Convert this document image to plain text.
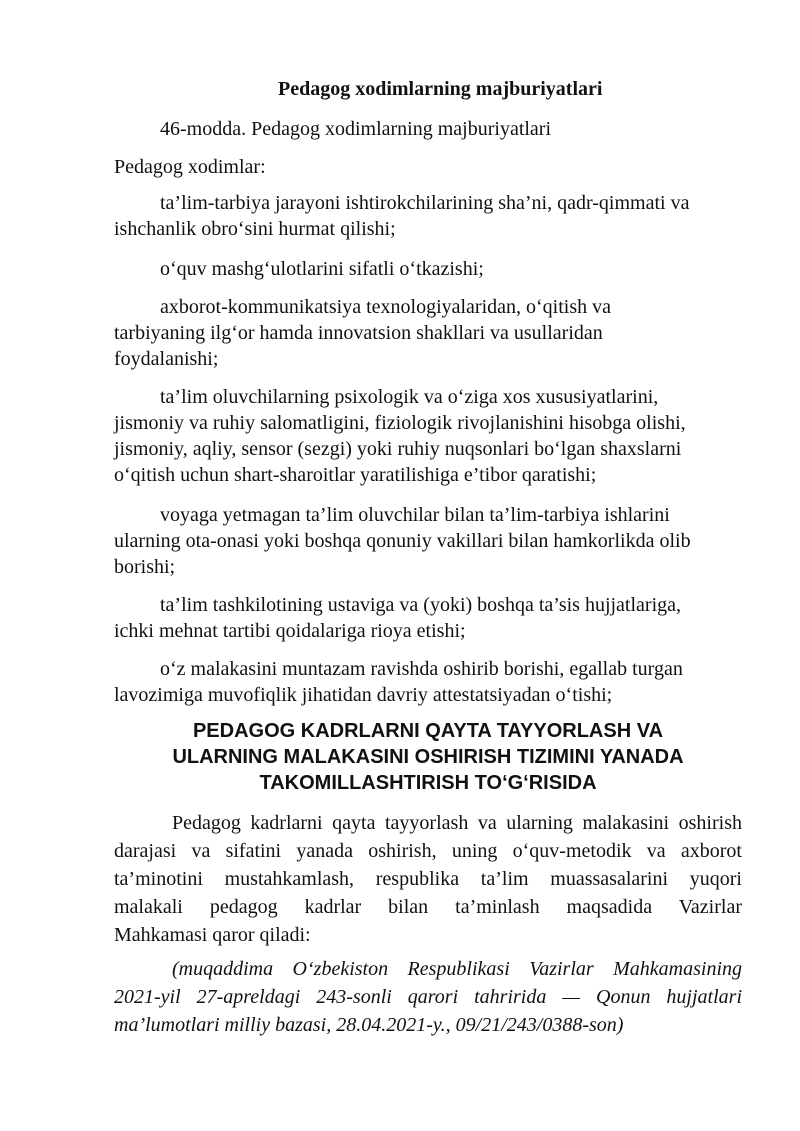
Pedagog xodimlarning majburiyatlari

46-modda. Pedagog xodimlarning majburiyatlari

Pedagog xodimlar:

ta’lim-tarbiya jarayoni ishtirokchilarining sha’ni, qadr-qimmati va

ishchanlik obro‘sini hurmat qilishi;

o‘quv mashg‘ulotlarini sifatli o‘tkazishi;

axborot-kommunikatsiya texnologiyalaridan, o‘qitish va

tarbiyaning ilg‘or hamda innovatsion shakllari va usullaridan

foydalanishi;

ta’lim oluvchilarning psixologik va o‘ziga xos xususiyatlarini,

jismoniy va ruhiy salomatligini, fiziologik rivojlanishini hisobga olishi,

jismoniy, aqliy, sensor (sezgi) yoki ruhiy nuqsonlari bo‘lgan shaxslarni

o‘qitish uchun shart-sharoitlar yaratilishiga e’tibor qaratishi;

voyaga yetmagan ta’lim oluvchilar bilan ta’lim-tarbiya ishlarini

ularning ota-onasi yoki boshqa qonuniy vakillari bilan hamkorlikda olib

borishi;

ta’lim tashkilotining ustaviga va (yoki) boshqa ta’sis hujjatlariga,

ichki mehnat tartibi qoidalariga rioya etishi;

o‘z malakasini muntazam ravishda oshirib borishi, egallab turgan

lavozimiga muvofiqlik jihatidan davriy attestatsiyadan o‘tishi;

PEDAGOG KADRLARNI QAYTA TAYYORLASH VA

ULARNING MALAKASINI OSHIRISH TIZIMINI YANADA

TAKOMILLASHTIRISH TO‘G‘RISIDA

Pedagog kadrlarni qayta tayyorlash va ularning malakasini oshirish

darajasi va sifatini yanada oshirish, uning o‘quv-metodik va axborot

ta’minotini mustahkamlash, respublika ta’lim muassasalarini yuqori

malakali pedagog kadrlar bilan ta’minlash maqsadida Vazirlar

Mahkamasi qaror qiladi:

(muqaddima O‘zbekiston Respublikasi Vazirlar Mahkamasining

2021-yil 27-apreldagi 243-sonli qarori tahririda — Qonun hujjatlari

ma’lumotlari milliy bazasi, 28.04.2021-y., 09/21/243/0388-son)
